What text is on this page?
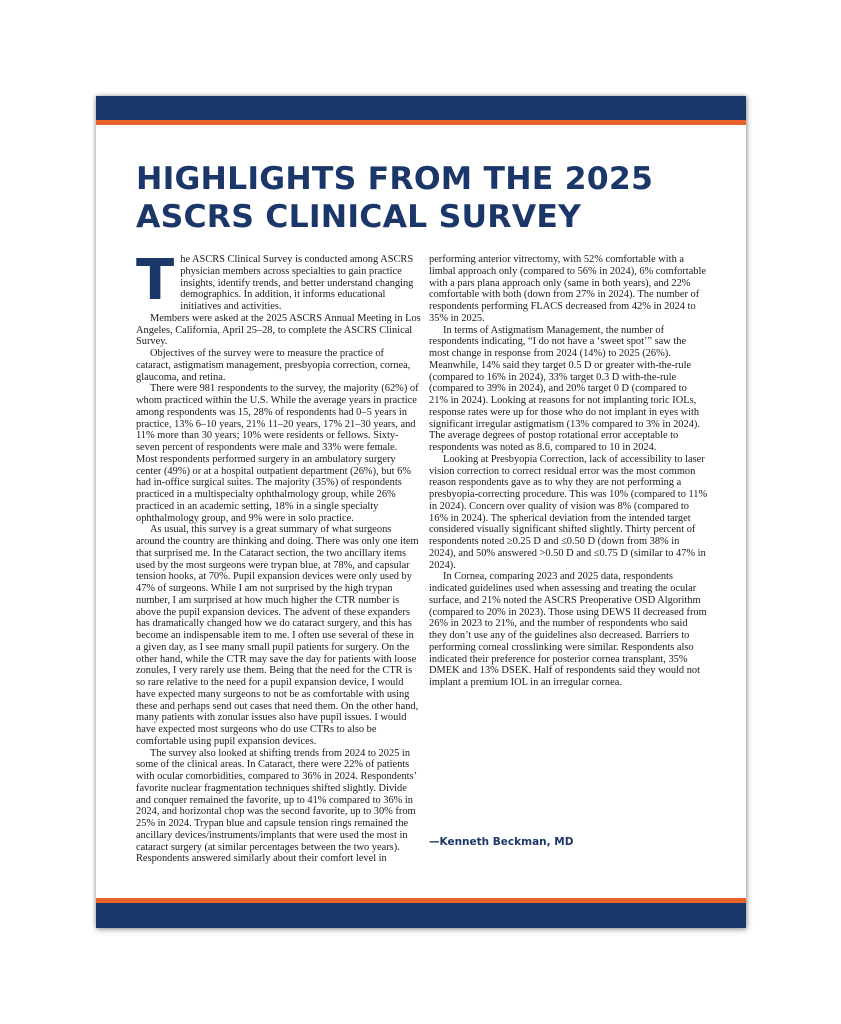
HIGHLIGHTS FROM THE 2025
ASCRS CLINICAL SURVEY

The ASCRS Clinical Survey is conducted among ASCRS physician members across specialties to gain practice insights, identify trends, and better understand changing demographics. In addition, it informs educational initiatives and activities.

Members were asked at the 2025 ASCRS Annual Meeting in Los Angeles, California, April 25–28, to complete the ASCRS Clinical Survey.

Objectives of the survey were to measure the practice of cataract, astigmatism management, presbyopia correction, cornea, glaucoma, and retina.

There were 981 respondents to the survey, the majority (62%) of whom practiced within the U.S. While the average years in practice among respondents was 15, 28% of respondents had 0–5 years in practice, 13% 6–10 years, 21% 11–20 years, 17% 21–30 years, and 11% more than 30 years; 10% were residents or fellows. Sixty-seven percent of respondents were male and 33% were female. Most respondents performed surgery in an ambulatory surgery center (49%) or at a hospital outpatient department (26%), but 6% had in-office surgical suites. The majority (35%) of respondents practiced in a multispecialty ophthalmology group, while 26% practiced in an academic setting, 18% in a single specialty ophthalmology group, and 9% were in solo practice.

As usual, this survey is a great summary of what surgeons around the country are thinking and doing. There was only one item that surprised me. In the Cataract section, the two ancillary items used by the most surgeons were trypan blue, at 78%, and capsular tension hooks, at 70%. Pupil expansion devices were only used by 47% of surgeons. While I am not surprised by the high trypan number, I am surprised at how much higher the CTR number is above the pupil expansion devices. The advent of these expanders has dramatically changed how we do cataract surgery, and this has become an indispensable item to me. I often use several of these in a given day, as I see many small pupil patients for surgery. On the other hand, while the CTR may save the day for patients with loose zonules, I very rarely use them. Being that the need for the CTR is so rare relative to the need for a pupil expansion device, I would have expected many surgeons to not be as comfortable with using these and perhaps send out cases that need them. On the other hand, many patients with zonular issues also have pupil issues. I would have expected most surgeons who do use CTRs to also be comfortable using pupil expansion devices.

The survey also looked at shifting trends from 2024 to 2025 in some of the clinical areas. In Cataract, there were 22% of patients with ocular comorbidities, compared to 36% in 2024. Respondents’ favorite nuclear fragmentation techniques shifted slightly. Divide and conquer remained the favorite, up to 41% compared to 36% in 2024, and horizontal chop was the second favorite, up to 30% from 25% in 2024. Trypan blue and capsule tension rings remained the ancillary devices/instruments/implants that were used the most in cataract surgery (at similar percentages between the two years). Respondents answered similarly about their comfort level in

performing anterior vitrectomy, with 52% comfortable with a limbal approach only (compared to 56% in 2024), 6% comfortable with a pars plana approach only (same in both years), and 22% comfortable with both (down from 27% in 2024). The number of respondents performing FLACS decreased from 42% in 2024 to 35% in 2025.

In terms of Astigmatism Management, the number of respondents indicating, “I do not have a ‘sweet spot’” saw the most change in response from 2024 (14%) to 2025 (26%). Meanwhile, 14% said they target 0.5 D or greater with-the-rule (compared to 16% in 2024), 33% target 0.3 D with-the-rule (compared to 39% in 2024), and 20% target 0 D (compared to 21% in 2024). Looking at reasons for not implanting toric IOLs, response rates were up for those who do not implant in eyes with significant irregular astigmatism (13% compared to 3% in 2024). The average degrees of postop rotational error acceptable to respondents was noted as 8.6, compared to 10 in 2024.

Looking at Presbyopia Correction, lack of accessibility to laser vision correction to correct residual error was the most common reason respondents gave as to why they are not performing a presbyopia-correcting procedure. This was 10% (compared to 11% in 2024). Concern over quality of vision was 8% (compared to 16% in 2024). The spherical deviation from the intended target considered visually significant shifted slightly. Thirty percent of respondents noted ≥0.25 D and ≤0.50 D (down from 38% in 2024), and 50% answered >0.50 D and ≤0.75 D (similar to 47% in 2024).

In Cornea, comparing 2023 and 2025 data, respondents indicated guidelines used when assessing and treating the ocular surface, and 21% noted the ASCRS Preoperative OSD Algorithm (compared to 20% in 2023). Those using DEWS II decreased from 26% in 2023 to 21%, and the number of respondents who said they don’t use any of the guidelines also decreased. Barriers to performing corneal crosslinking were similar. Respondents also indicated their preference for posterior cornea transplant, 35% DMEK and 13% DSEK. Half of respondents said they would not implant a premium IOL in an irregular cornea.

—Kenneth Beckman, MD
